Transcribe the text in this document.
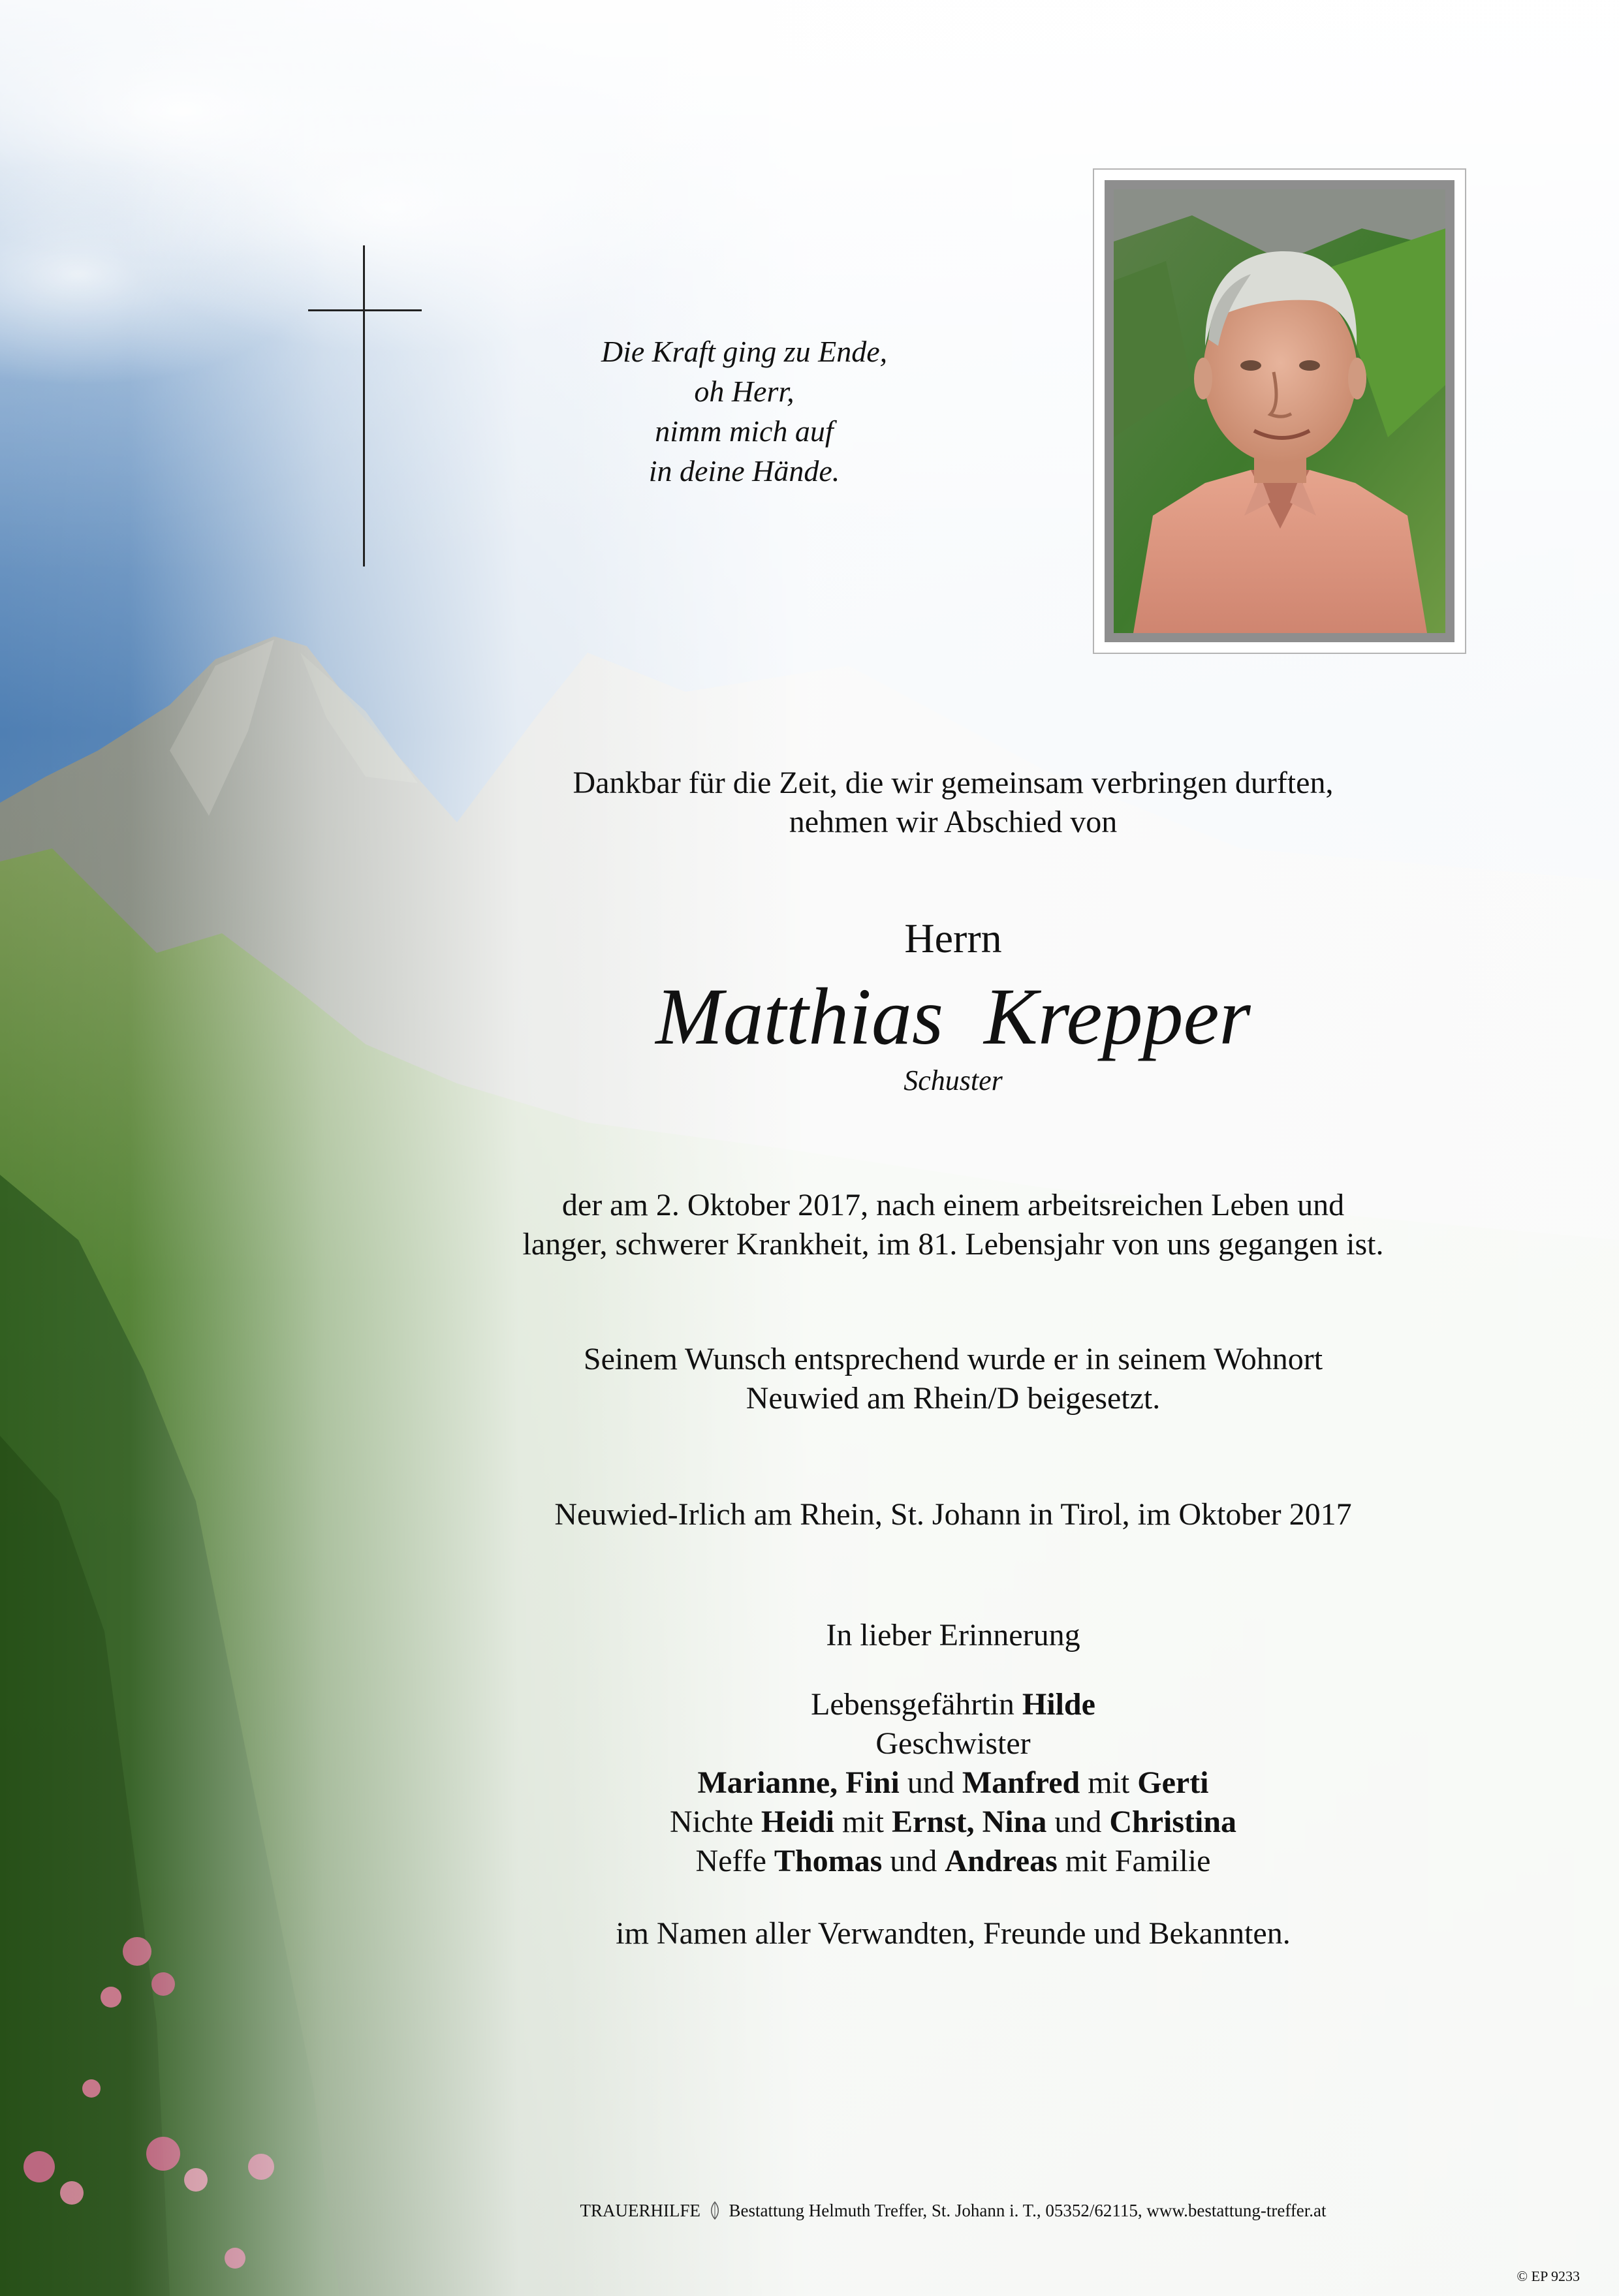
Die Kraft ging zu Ende,
oh Herr,
nimm mich auf
in deine Hände.
Dankbar für die Zeit, die wir gemeinsam verbringen durften,
nehmen wir Abschied von
Herrn
Matthias  Krepper
Schuster
der am 2. Oktober 2017, nach einem arbeitsreichen Leben und
langer, schwerer Krankheit, im 81. Lebensjahr von uns gegangen ist.
Seinem Wunsch entsprechend wurde er in seinem Wohnort
Neuwied am Rhein/D beigesetzt.
Neuwied-Irlich am Rhein, St. Johann in Tirol, im Oktober 2017
In lieber Erinnerung
Lebensgefährtin Hilde
Geschwister
Marianne, Fini und Manfred mit Gerti
Nichte Heidi mit Ernst, Nina und Christina
Neffe Thomas und Andreas mit Familie
im Namen aller Verwandten, Freunde und Bekannten.
TRAUERHILFE Bestattung Helmuth Treffer, St. Johann i. T., 05352/62115, www.bestattung-treffer.at
© EP 9233
